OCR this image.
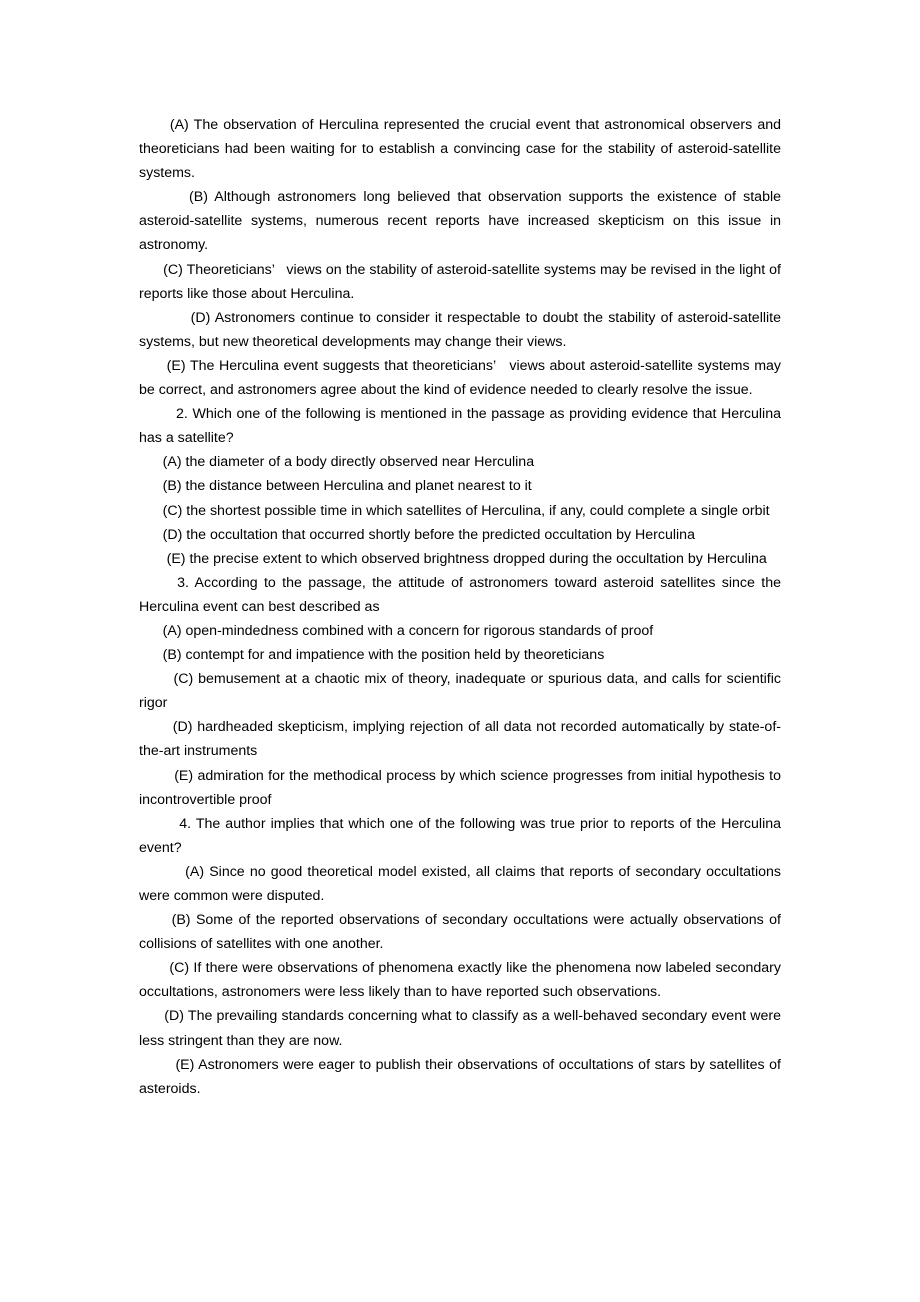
(A) The observation of Herculina represented the crucial event that astronomical observers and theoreticians had been waiting for to establish a convincing case for the stability of asteroid-satellite systems.

(B) Although astronomers long believed that observation supports the existence of stable asteroid-satellite systems, numerous recent reports have increased skepticism on this issue in astronomy.

(C) Theoreticians’   views on the stability of asteroid-satellite systems may be revised in the light of reports like those about Herculina.

(D) Astronomers continue to consider it respectable to doubt the stability of asteroid-satellite systems, but new theoretical developments may change their views.

(E) The Herculina event suggests that theoreticians’   views about asteroid-satellite systems may be correct, and astronomers agree about the kind of evidence needed to clearly resolve the issue.

2. Which one of the following is mentioned in the passage as providing evidence that Herculina has a satellite?

(A) the diameter of a body directly observed near Herculina

(B) the distance between Herculina and planet nearest to it

(C) the shortest possible time in which satellites of Herculina, if any, could complete a single orbit

(D) the occultation that occurred shortly before the predicted occultation by Herculina

(E) the precise extent to which observed brightness dropped during the occultation by Herculina

3. According to the passage, the attitude of astronomers toward asteroid satellites since the Herculina event can best described as

(A) open-mindedness combined with a concern for rigorous standards of proof

(B) contempt for and impatience with the position held by theoreticians

(C) bemusement at a chaotic mix of theory, inadequate or spurious data, and calls for scientific rigor

(D) hardheaded skepticism, implying rejection of all data not recorded automatically by state-of-the-art instruments

(E) admiration for the methodical process by which science progresses from initial hypothesis to incontrovertible proof

4. The author implies that which one of the following was true prior to reports of the Herculina event?

(A) Since no good theoretical model existed, all claims that reports of secondary occultations were common were disputed.

(B) Some of the reported observations of secondary occultations were actually observations of collisions of satellites with one another.

(C) If there were observations of phenomena exactly like the phenomena now labeled secondary occultations, astronomers were less likely than to have reported such observations.

(D) The prevailing standards concerning what to classify as a well-behaved secondary event were less stringent than they are now.

(E) Astronomers were eager to publish their observations of occultations of stars by satellites of asteroids.
